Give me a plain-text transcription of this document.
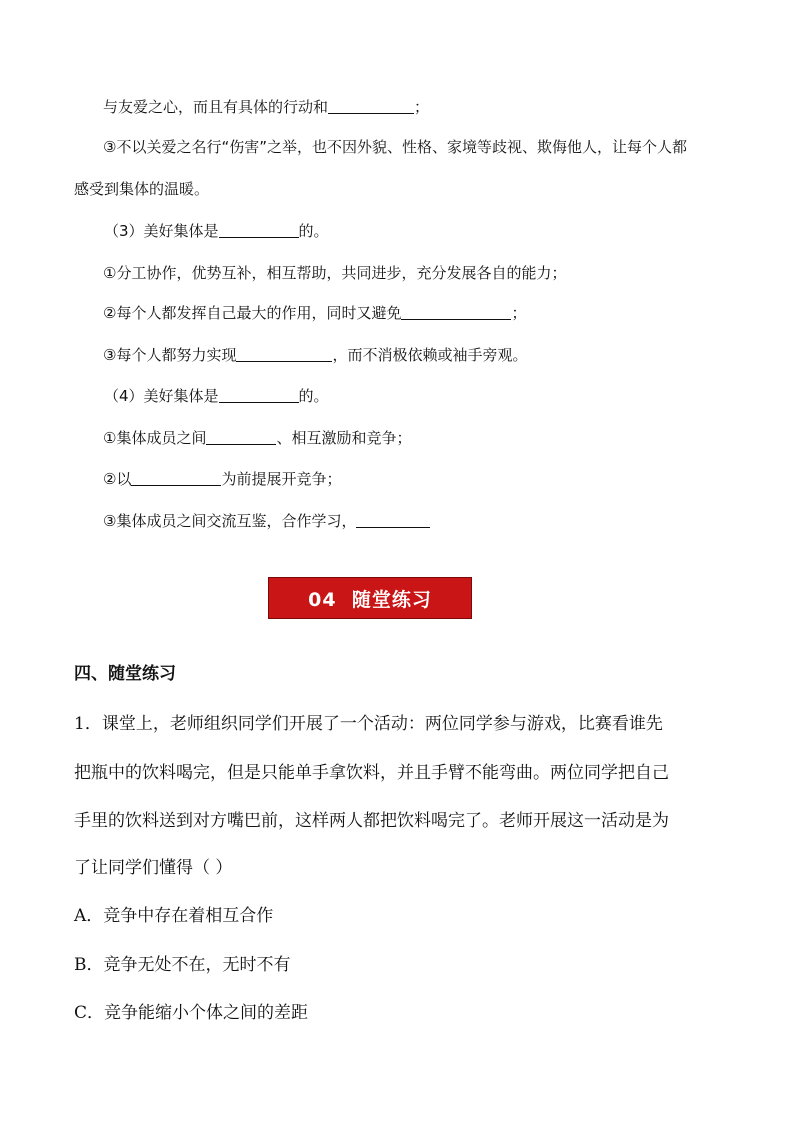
与友爱之心，而且有具体的行动和	；
③不以关爱之名行“伤害”之举，也不因外貌、性格、家境等歧视、欺侮他人，让每个人都
感受到集体的温暖。
（3）美好集体是	的。
①分工协作，优势互补，相互帮助，共同进步，充分发展各自的能力；
②每个人都发挥自己最大的作用，同时又避免	；
③每个人都努力实现	，而不消极依赖或袖手旁观。
（4）美好集体是	的。
①集体成员之间	、相互激励和竞争；
②以	为前提展开竞争；
③集体成员之间交流互鉴，合作学习，
04  随堂练习
四、随堂练习
1．课堂上，老师组织同学们开展了一个活动：两位同学参与游戏，比赛看谁先
把瓶中的饮料喝完，但是只能单手拿饮料，并且手臂不能弯曲。两位同学把自己
手里的饮料送到对方嘴巴前，这样两人都把饮料喝完了。老师开展这一活动是为
了让同学们懂得（ ）
A．竞争中存在着相互合作
B．竞争无处不在，无时不有
C．竞争能缩小个体之间的差距
